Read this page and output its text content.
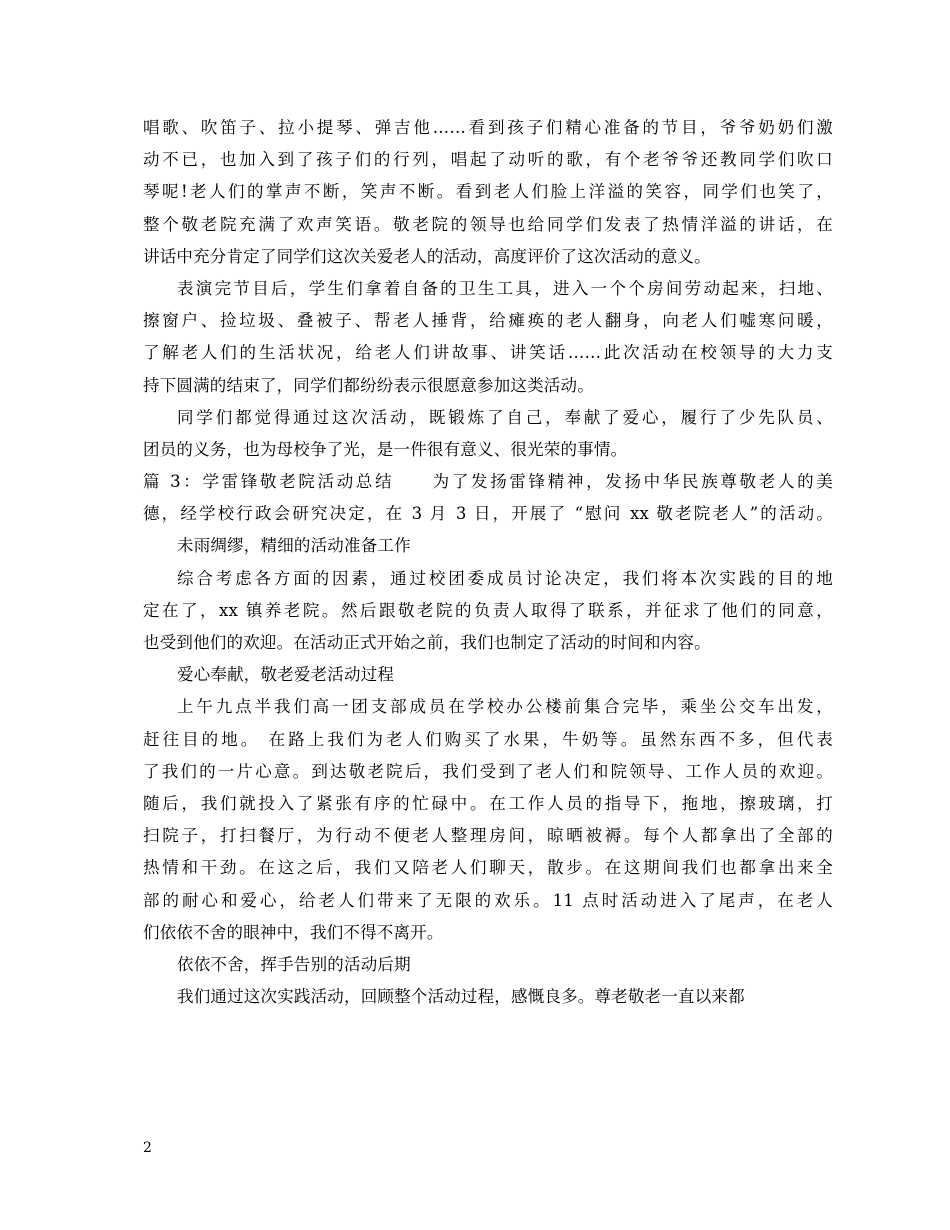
唱歌、吹笛子、拉小提琴、弹吉他……看到孩子们精心准备的节目，爷爷奶奶们激
动不已，也加入到了孩子们的行列，唱起了动听的歌，有个老爷爷还教同学们吹口
琴呢!老人们的掌声不断，笑声不断。看到老人们脸上洋溢的笑容，同学们也笑了，
整个敬老院充满了欢声笑语。敬老院的领导也给同学们发表了热情洋溢的讲话，在
讲话中充分肯定了同学们这次关爱老人的活动，高度评价了这次活动的意义。
表演完节目后，学生们拿着自备的卫生工具，进入一个个房间劳动起来，扫地、
擦窗户、捡垃圾、叠被子、帮老人捶背，给瘫痪的老人翻身，向老人们嘘寒问暖，
了解老人们的生活状况，给老人们讲故事、讲笑话……此次活动在校领导的大力支
持下圆满的结束了，同学们都纷纷表示很愿意参加这类活动。
同学们都觉得通过这次活动，既锻炼了自己，奉献了爱心，履行了少先队员、
团员的义务，也为母校争了光，是一件很有意义、很光荣的事情。
篇 3：学雷锋敬老院活动总结　　为了发扬雷锋精神，发扬中华民族尊敬老人的美
德，经学校行政会研究决定，在 3 月 3 日，开展了 “慰问 xx 敬老院老人”的活动。
未雨绸缪，精细的活动准备工作
综合考虑各方面的因素，通过校团委成员讨论决定，我们将本次实践的目的地
定在了，xx 镇养老院。然后跟敬老院的负责人取得了联系，并征求了他们的同意，
也受到他们的欢迎。在活动正式开始之前，我们也制定了活动的时间和内容。
爱心奉献，敬老爱老活动过程
上午九点半我们高一团支部成员在学校办公楼前集合完毕，乘坐公交车出发，
赶往目的地。 在路上我们为老人们购买了水果，牛奶等。虽然东西不多，但代表
了我们的一片心意。到达敬老院后，我们受到了老人们和院领导、工作人员的欢迎。
随后，我们就投入了紧张有序的忙碌中。在工作人员的指导下，拖地，擦玻璃，打
扫院子，打扫餐厅，为行动不便老人整理房间，晾晒被褥。每个人都拿出了全部的
热情和干劲。在这之后，我们又陪老人们聊天，散步。在这期间我们也都拿出来全
部的耐心和爱心，给老人们带来了无限的欢乐。11 点时活动进入了尾声，在老人
们依依不舍的眼神中，我们不得不离开。
依依不舍，挥手告别的活动后期
我们通过这次实践活动，回顾整个活动过程，感慨良多。尊老敬老一直以来都
2
